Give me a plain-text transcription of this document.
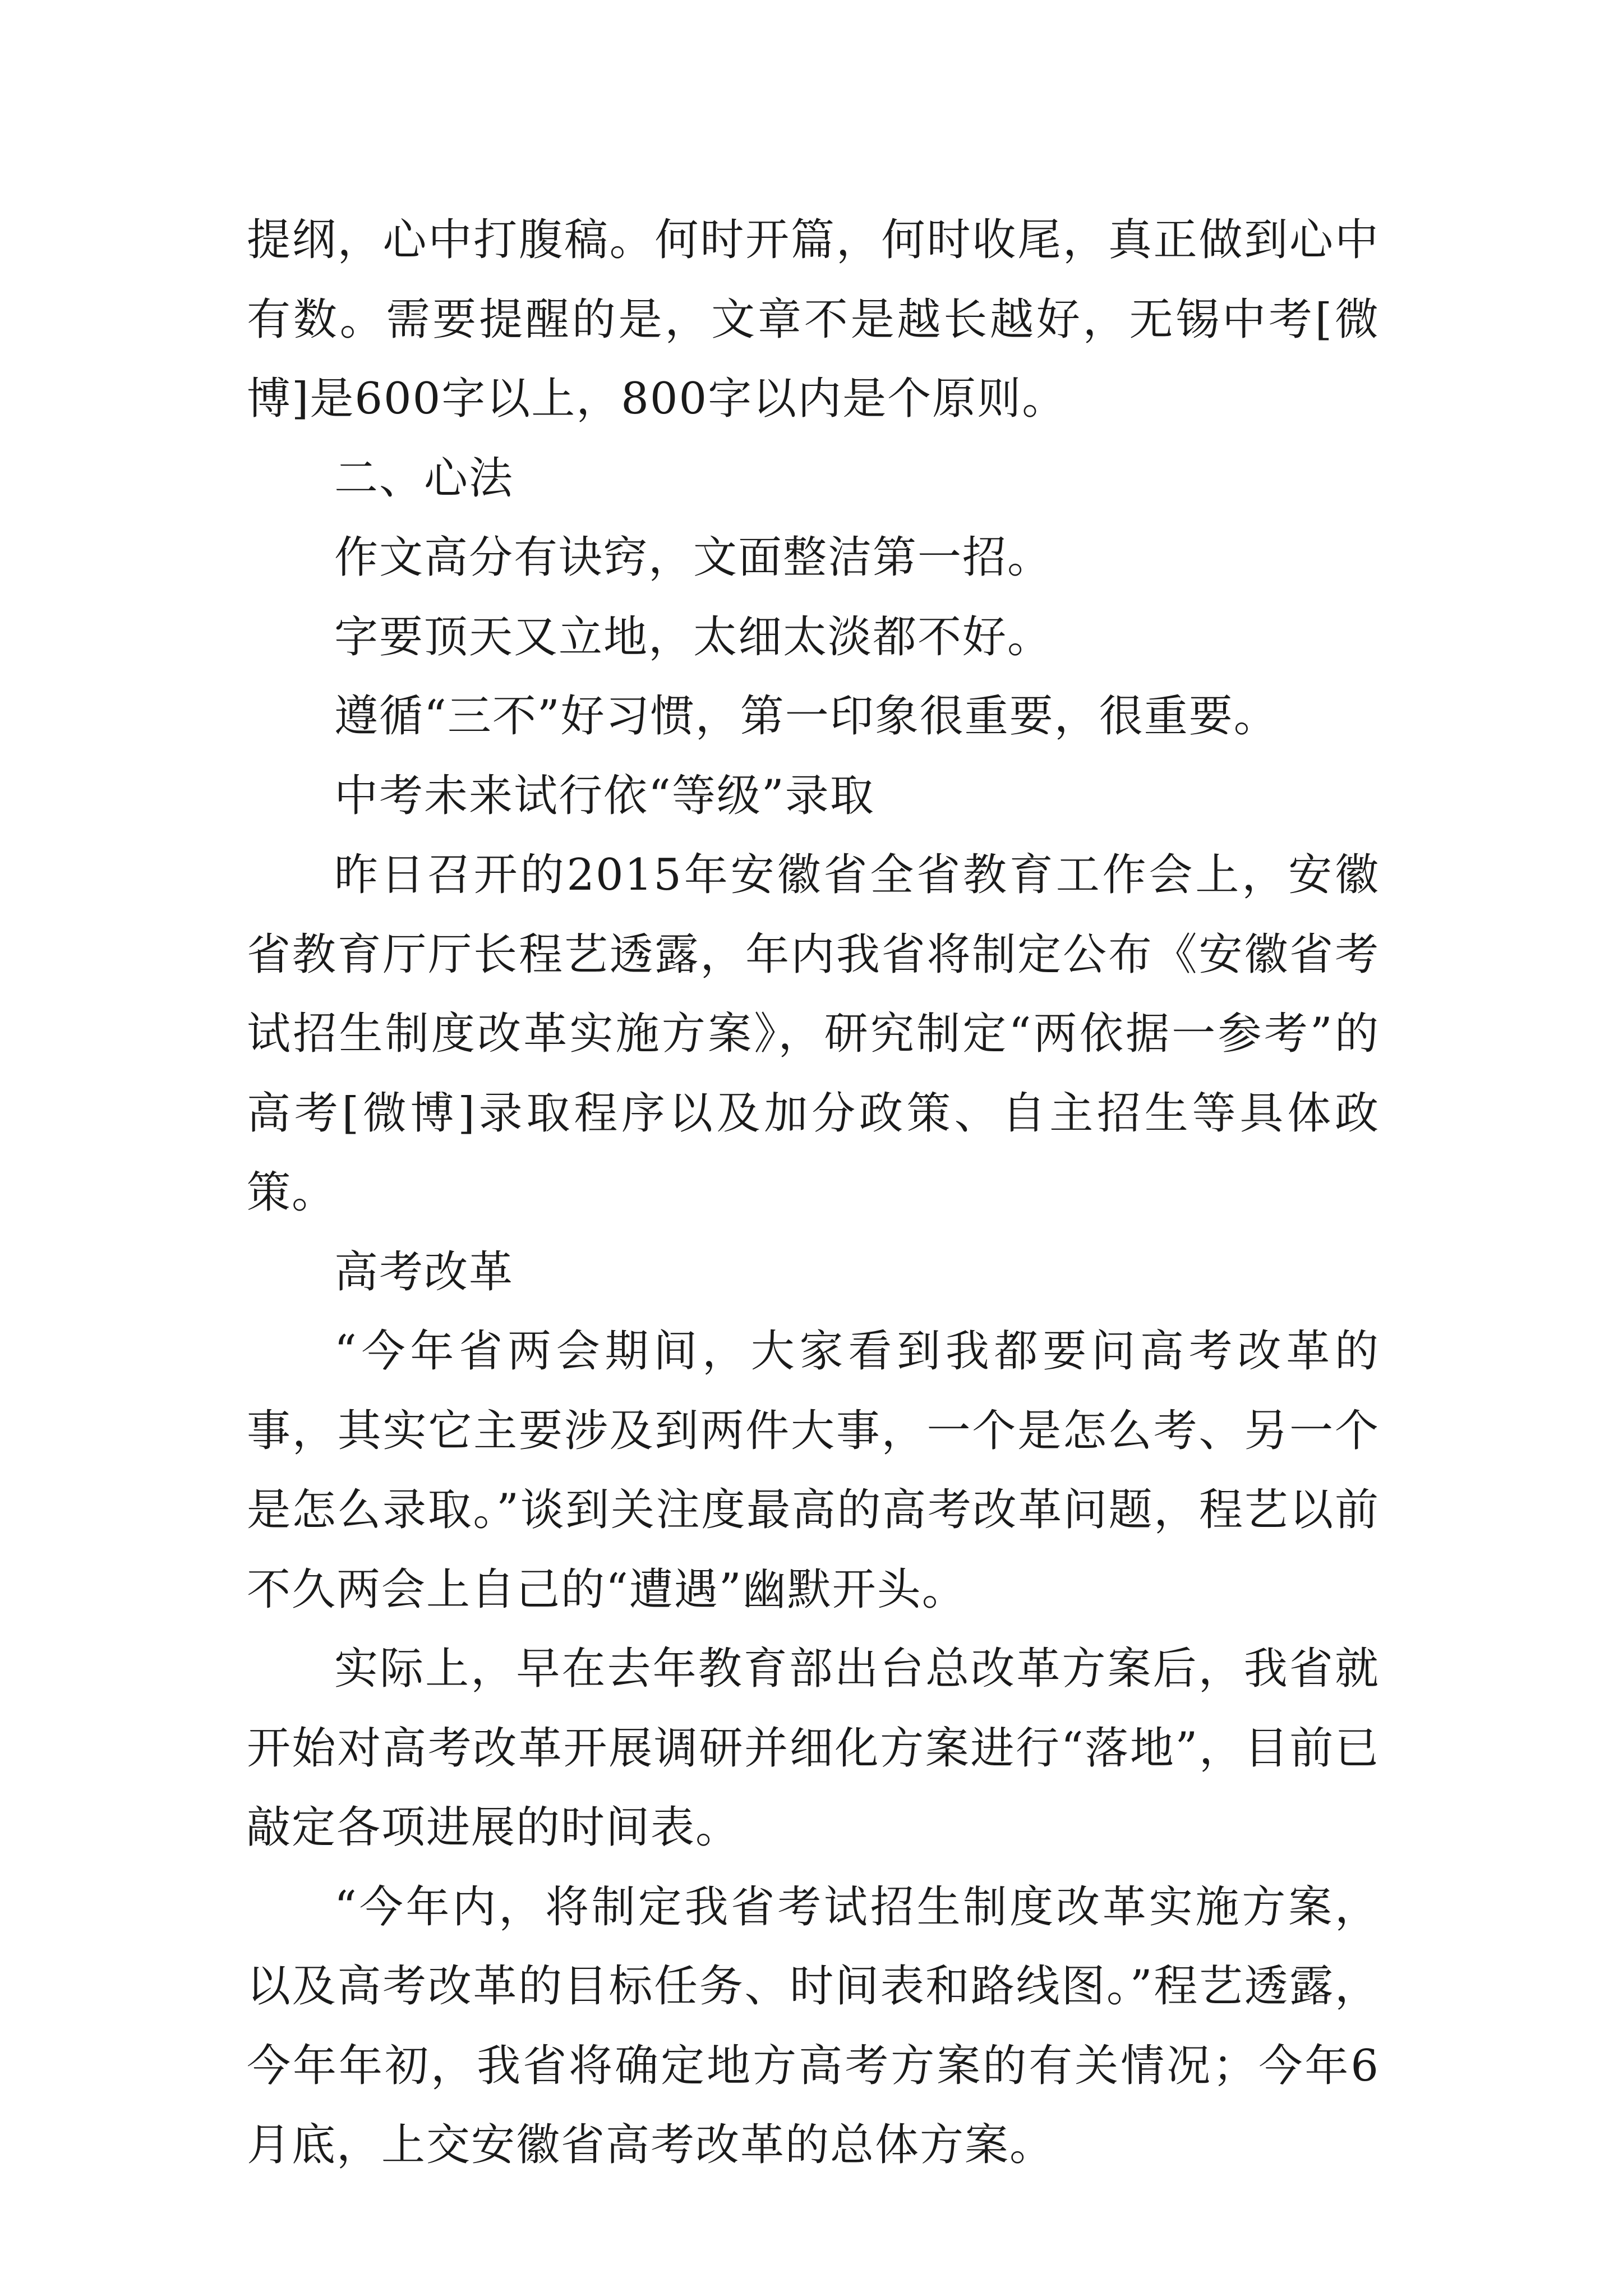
提纲，心中打腹稿。何时开篇，何时收尾，真正做到心中有数。需要提醒的是，文章不是越长越好，无锡中考[微博]是600字以上，800字以内是个原则。

二、心法

作文高分有诀窍，文面整洁第一招。

字要顶天又立地，太细太淡都不好。

遵循“三不”好习惯，第一印象很重要，很重要。

中考未来试行依“等级”录取

昨日召开的2015年安徽省全省教育工作会上，安徽省教育厅厅长程艺透露，年内我省将制定公布《安徽省考试招生制度改革实施方案》，研究制定“两依据一参考”的高考[微博]录取程序以及加分政策、自主招生等具体政策。

高考改革

“今年省两会期间，大家看到我都要问高考改革的事，其实它主要涉及到两件大事，一个是怎么考、另一个是怎么录取。”谈到关注度最高的高考改革问题，程艺以前不久两会上自己的“遭遇”幽默开头。

实际上，早在去年教育部出台总改革方案后，我省就开始对高考改革开展调研并细化方案进行“落地”，目前已敲定各项进展的时间表。

“今年内，将制定我省考试招生制度改革实施方案，以及高考改革的目标任务、时间表和路线图。”程艺透露，今年年初，我省将确定地方高考方案的有关情况；今年6月底，上交安徽省高考改革的总体方案。
